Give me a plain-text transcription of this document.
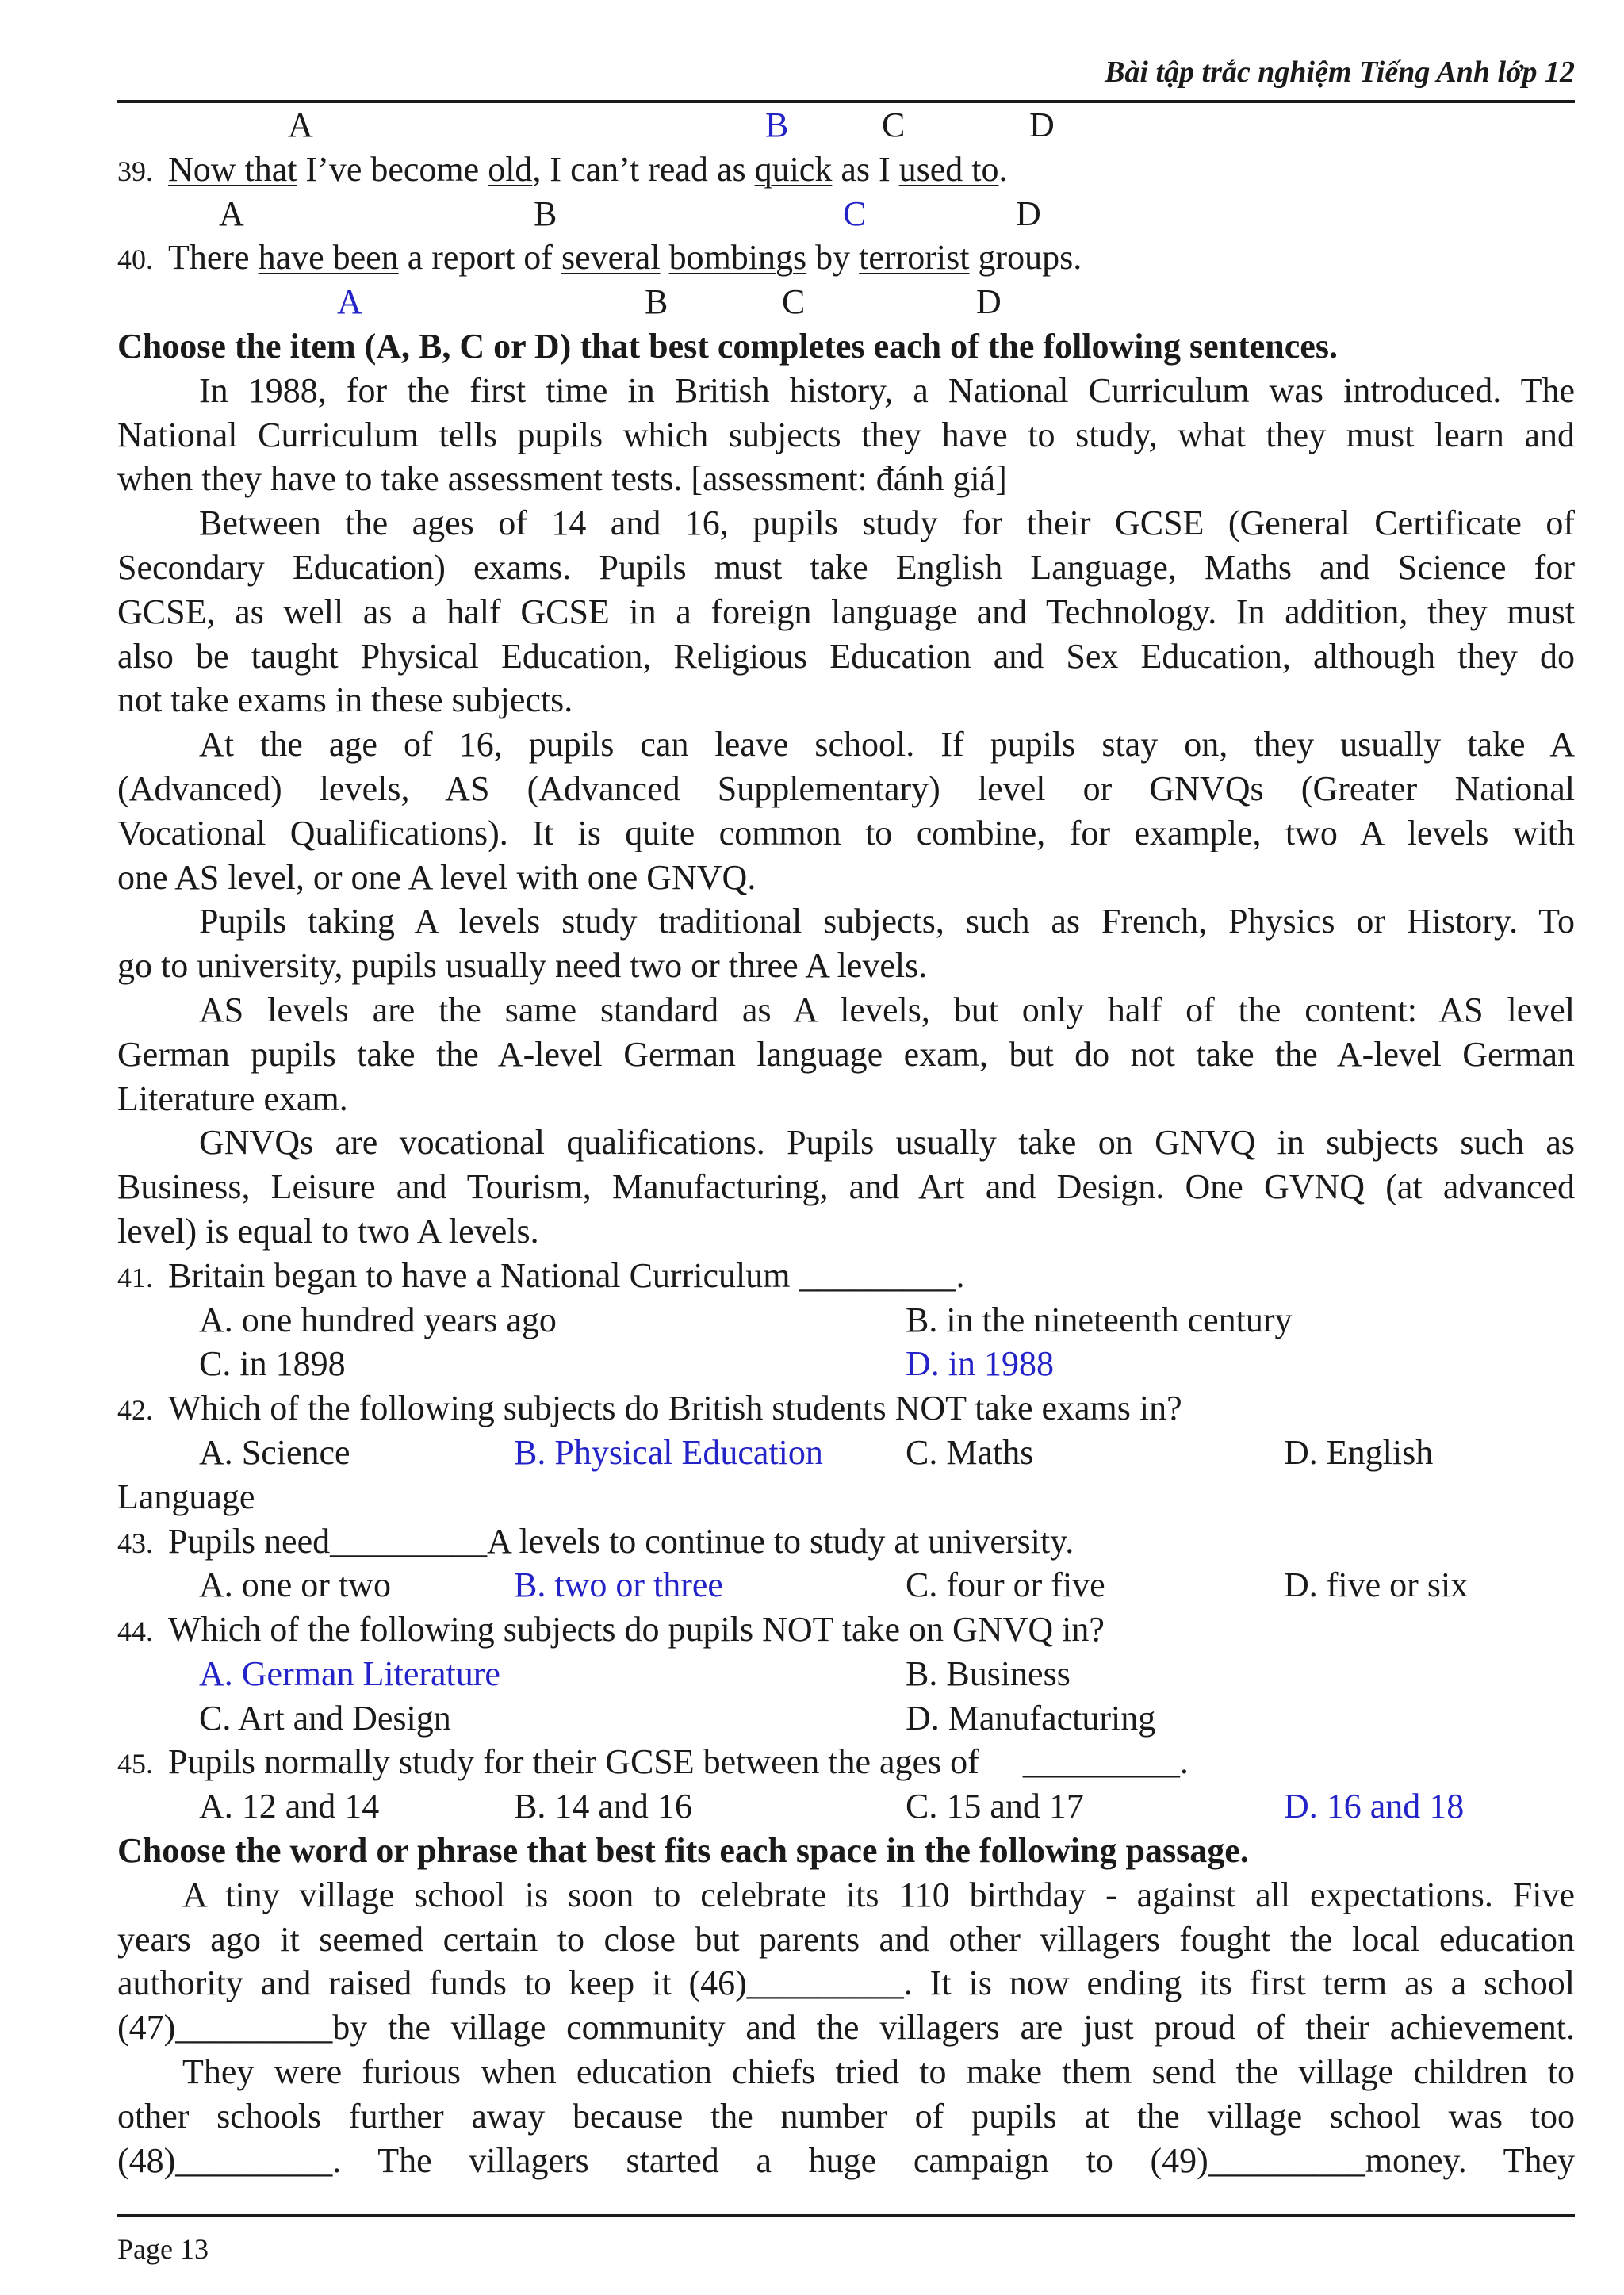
Bài tập trắc nghiệm Tiếng Anh lớp 12
A	B	C	D
39. Now that I’ve become old, I can’t read as quick as I used to.
A	B	C	D
40. There have been a report of several bombings by terrorist groups.
A	B	C	D
Choose the item (A, B, C or D) that best completes each of the following sentences.
In 1988, for the first time in British history, a National Curriculum was introduced. The
National Curriculum tells pupils which subjects they have to study, what they must learn and
when they have to take assessment tests. [assessment: đánh giá]
Between the ages of 14 and 16, pupils study for their GCSE (General Certificate of
Secondary Education) exams. Pupils must take English Language, Maths and Science for
GCSE, as well as a half GCSE in a foreign language and Technology. In addition, they must
also be taught Physical Education, Religious Education and Sex Education, although they do
not take exams in these subjects.
At the age of 16, pupils can leave school. If pupils stay on, they usually take A
(Advanced) levels, AS (Advanced Supplementary) level or GNVQs (Greater National
Vocational Qualifications). It is quite common to combine, for example, two A levels with
one AS level, or one A level with one GNVQ.
Pupils taking A levels study traditional subjects, such as French, Physics or History. To
go to university, pupils usually need two or three A levels.
AS levels are the same standard as A levels, but only half of the content: AS level
German pupils take the A-level German language exam, but do not take the A-level German
Literature exam.
GNVQs are vocational qualifications. Pupils usually take on GNVQ in subjects such as
Business, Leisure and Tourism, Manufacturing, and Art and Design. One GVNQ (at advanced
level) is equal to two A levels.
41. Britain began to have a National Curriculum _________.
A. one hundred years ago	B. in the nineteenth century
C. in 1898	D. in 1988
42. Which of the following subjects do British students NOT take exams in?
A. Science	B. Physical Education C. Maths	D. English
Language
43. Pupils need_________A levels to continue to study at university.
A. one or two	B. two or three	C. four or five	D. five or six
44. Which of the following subjects do pupils NOT take on GNVQ in?
A. German Literature	B. Business
C. Art and Design	D. Manufacturing
45. Pupils normally study for their GCSE between the ages of     _________.
A. 12 and 14	B. 14 and 16	C. 15 and 17	D. 16 and 18
Choose the word or phrase that best fits each space in the following passage.
A tiny village school is soon to celebrate its 110 birthday - against all expectations. Five
years ago it seemed certain to close but parents and other villagers fought the local education
authority and raised funds to keep it (46)_________. It is now ending its first term as a school
(47)_________by the village community and the villagers are just proud of their achievement.
They were furious when education chiefs tried to make them send the village children to
other schools further away because the number of pupils at the village school was too
(48)_________. The villagers started a huge campaign to (49)_________money. They
Page 13
